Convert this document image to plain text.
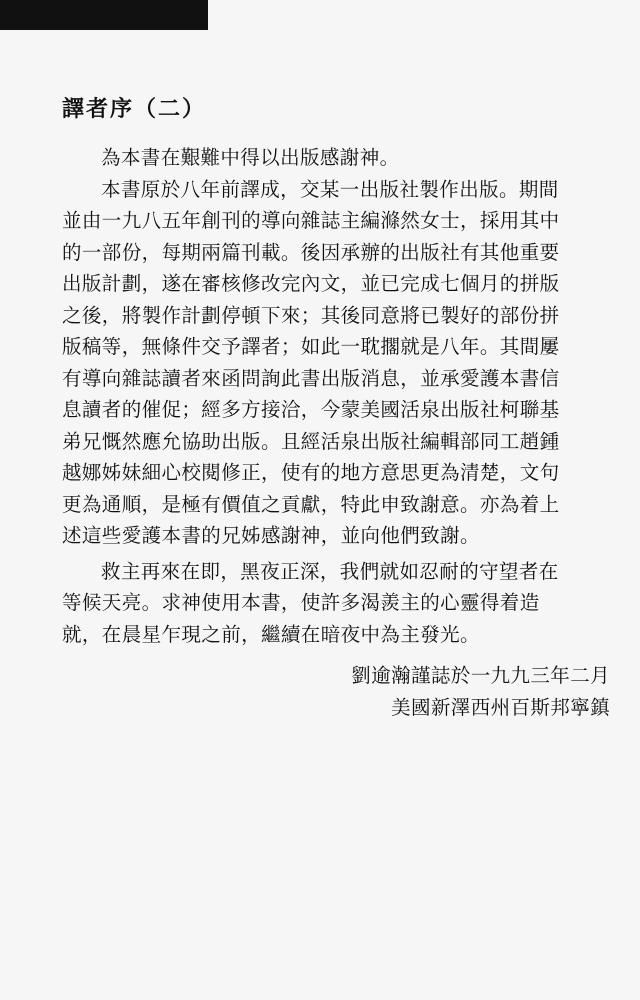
譯者序（二）
為本書在艱難中得以出版感謝神。
本書原於八年前譯成，交某一出版社製作出版。期間
並由一九八五年創刊的導向雜誌主編滌然女士，採用其中
的一部份，每期兩篇刊載。後因承辦的出版社有其他重要
出版計劃，遂在審核修改完內文，並已完成七個月的拼版
之後，將製作計劃停頓下來；其後同意將已製好的部份拼
版稿等，無條件交予譯者；如此一耽擱就是八年。其間屢
有導向雜誌讀者來函問詢此書出版消息，並承愛護本書信
息讀者的催促；經多方接洽，今蒙美國活泉出版社柯聯基
弟兄慨然應允協助出版。且經活泉出版社編輯部同工趙鍾
越娜姊妹細心校閱修正，使有的地方意思更為清楚，文句
更為通順，是極有價值之貢獻，特此申致謝意。亦為着上
述這些愛護本書的兄姊感謝神，並向他們致謝。
救主再來在即，黑夜正深，我們就如忍耐的守望者在
等候天亮。求神使用本書，使許多渴羨主的心靈得着造
就，在晨星乍現之前，繼續在暗夜中為主發光。
劉逾瀚謹誌於一九九三年二月
美國新澤西州百斯邦寧鎮
